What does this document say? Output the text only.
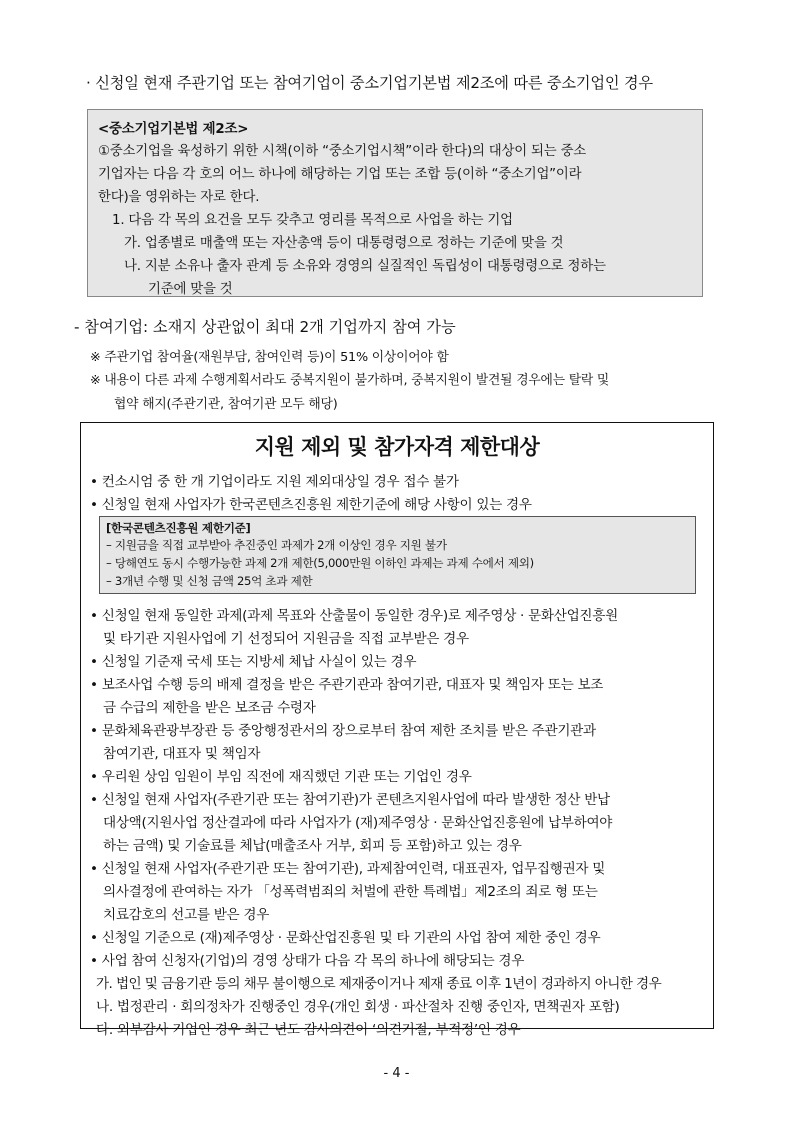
· 신청일 현재 주관기업 또는 참여기업이 중소기업기본법 제2조에 따른 중소기업인 경우
<중소기업기본법 제2조>
①중소기업을 육성하기 위한 시책(이하 “중소기업시책”이라 한다)의 대상이 되는 중소
기업자는 다음 각 호의 어느 하나에 해당하는 기업 또는 조합 등(이하 “중소기업”이라
한다)을 영위하는 자로 한다.
1. 다음 각 목의 요건을 모두 갖추고 영리를 목적으로 사업을 하는 기업
가. 업종별로 매출액 또는 자산총액 등이 대통령령으로 정하는 기준에 맞을 것
나. 지분 소유나 출자 관계 등 소유와 경영의 실질적인 독립성이 대통령령으로 정하는
기준에 맞을 것
- 참여기업: 소재지 상관없이 최대 2개 기업까지 참여 가능
※ 주관기업 참여율(재원부담, 참여인력 등)이 51% 이상이어야 함
※ 내용이 다른 과제 수행계획서라도 중복지원이 불가하며, 중복지원이 발견될 경우에는 탈락 및
협약 해지(주관기관, 참여기관 모두 해당)
지원 제외 및 참가자격 제한대상
• 컨소시엄 중 한 개 기업이라도 지원 제외대상일 경우 접수 불가
• 신청일 현재 사업자가 한국콘텐츠진흥원 제한기준에 해당 사항이 있는 경우
[한국콘텐츠진흥원 제한기준]
– 지원금을 직접 교부받아 추진중인 과제가 2개 이상인 경우 지원 불가
– 당해연도 동시 수행가능한 과제 2개 제한(5,000만원 이하인 과제는 과제 수에서 제외)
– 3개년 수행 및 신청 금액 25억 초과 제한
• 신청일 현재 동일한 과제(과제 목표와 산출물이 동일한 경우)로 제주영상 · 문화산업진흥원
및 타기관 지원사업에 기 선정되어 지원금을 직접 교부받은 경우
• 신청일 기준재 국세 또는 지방세 체납 사실이 있는 경우
• 보조사업 수행 등의 배제 결정을 받은 주관기관과 참여기관, 대표자 및 책임자 또는 보조
금 수급의 제한을 받은 보조금 수령자
• 문화체육관광부장관 등 중앙행정관서의 장으로부터 참여 제한 조치를 받은 주관기관과
참여기관, 대표자 및 책임자
• 우리원 상임 임원이 부임 직전에 재직했던 기관 또는 기업인 경우
• 신청일 현재 사업자(주관기관 또는 참여기관)가 콘텐츠지원사업에 따라 발생한 정산 반납
대상액(지원사업 정산결과에 따라 사업자가 (재)제주영상 · 문화산업진흥원에 납부하여야
하는 금액) 및 기술료를 체납(매출조사 거부, 회피 등 포함)하고 있는 경우
• 신청일 현재 사업자(주관기관 또는 참여기관), 과제참여인력, 대표권자, 업무집행권자 및
의사결정에 관여하는 자가 「성폭력범죄의 처벌에 관한 특례법」제2조의 죄로 형 또는
치료감호의 선고를 받은 경우
• 신청일 기준으로 (재)제주영상 · 문화산업진흥원 및 타 기관의 사업 참여 제한 중인 경우
• 사업 참여 신청자(기업)의 경영 상태가 다음 각 목의 하나에 해당되는 경우
가. 법인 및 금융기관 등의 채무 불이행으로 제재중이거나 제재 종료 이후 1년이 경과하지 아니한 경우
나. 법정관리 · 회의정차가 진행중인 경우(개인 회생 · 파산절차 진행 중인자, 면책권자 포함)
다. 외부감사 기업인 경우 최근 년도 감사의견이 ‘의견거절, 부적정’인 경우
- 4 -
